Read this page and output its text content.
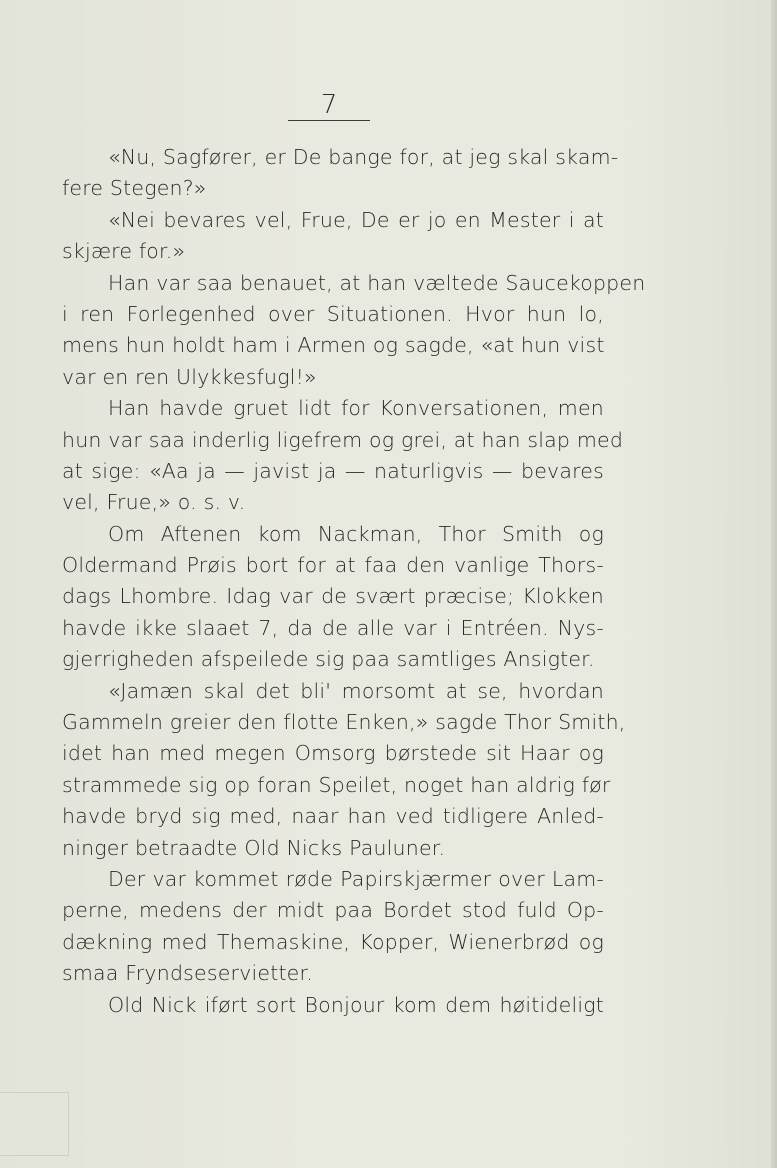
7
«Nu, Sagfører, er De bange for, at jeg skal skam-
fere Stegen?»
«Nei bevares vel, Frue, De er jo en Mester i at
skjære for.»
Han var saa benauet, at han væltede Saucekoppen
i ren Forlegenhed over Situationen. Hvor hun lo,
mens hun holdt ham i Armen og sagde, «at hun vist
var en ren Ulykkesfugl!»
Han havde gruet lidt for Konversationen, men
hun var saa inderlig ligefrem og grei, at han slap med
at sige: «Aa ja — javist ja — naturligvis — bevares
vel, Frue,» o. s. v.
Om Aftenen kom Nackman, Thor Smith og
Oldermand Prøis bort for at faa den vanlige Thors-
dags Lhombre. Idag var de svært præcise; Klokken
havde ikke slaaet 7, da de alle var i Entréen. Nys-
gjerrigheden afspeilede sig paa samtliges Ansigter.
«Jamæn skal det bli' morsomt at se, hvordan
Gammeln greier den flotte Enken,» sagde Thor Smith,
idet han med megen Omsorg børstede sit Haar og
strammede sig op foran Speilet, noget han aldrig før
havde bryd sig med, naar han ved tidligere Anled-
ninger betraadte Old Nicks Pauluner.
Der var kommet røde Papirskjærmer over Lam-
perne, medens der midt paa Bordet stod fuld Op-
dækning med Themaskine, Kopper, Wienerbrød og
smaa Fryndseservietter.
Old Nick iført sort Bonjour kom dem høitideligt
